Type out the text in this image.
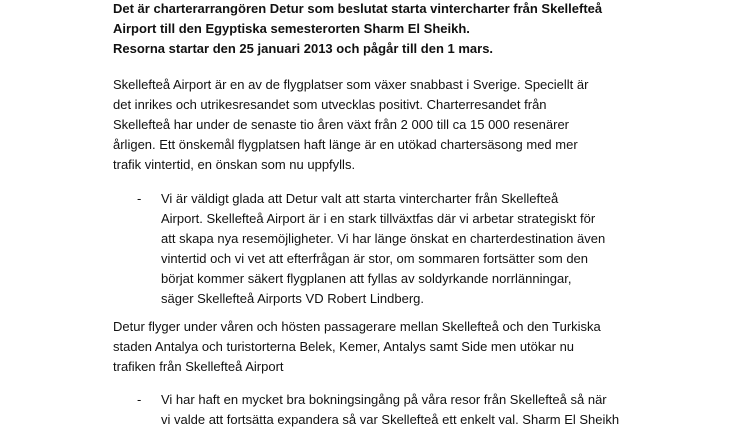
Det är charterarrangören Detur som beslutat starta vintercharter från Skellefteå
Airport till den Egyptiska semesterorten Sharm El Sheikh.
Resorna startar den 25 januari 2013 och pågår till den 1 mars.
Skellefteå Airport är en av de flygplatser som växer snabbast i Sverige. Speciellt är
det inrikes och utrikesresandet som utvecklas positivt. Charterresandet från
Skellefteå har under de senaste tio åren växt från 2 000 till ca 15 000 resenärer
årligen. Ett önskemål flygplatsen haft länge är en utökad chartersäsong med mer
trafik vintertid, en önskan som nu uppfylls.
- Vi är väldigt glada att Detur valt att starta vintercharter från Skellefteå
Airport. Skellefteå Airport är i en stark tillväxtfas där vi arbetar strategiskt för
att skapa nya resemöjligheter. Vi har länge önskat en charterdestination även
vintertid och vi vet att efterfrågan är stor, om sommaren fortsätter som den
börjat kommer säkert flygplanen att fyllas av soldyrkande norrlänningar,
säger Skellefteå Airports VD Robert Lindberg.
Detur flyger under våren och hösten passagerare mellan Skellefteå och den Turkiska
staden Antalya och turistorterna Belek, Kemer, Antalys samt Side men utökar nu
trafiken från Skellefteå Airport
- Vi har haft en mycket bra bokningsingång på våra resor från Skellefteå så när
vi valde att fortsätta expandera så var Skellefteå ett enkelt val. Sharm El Sheikh
